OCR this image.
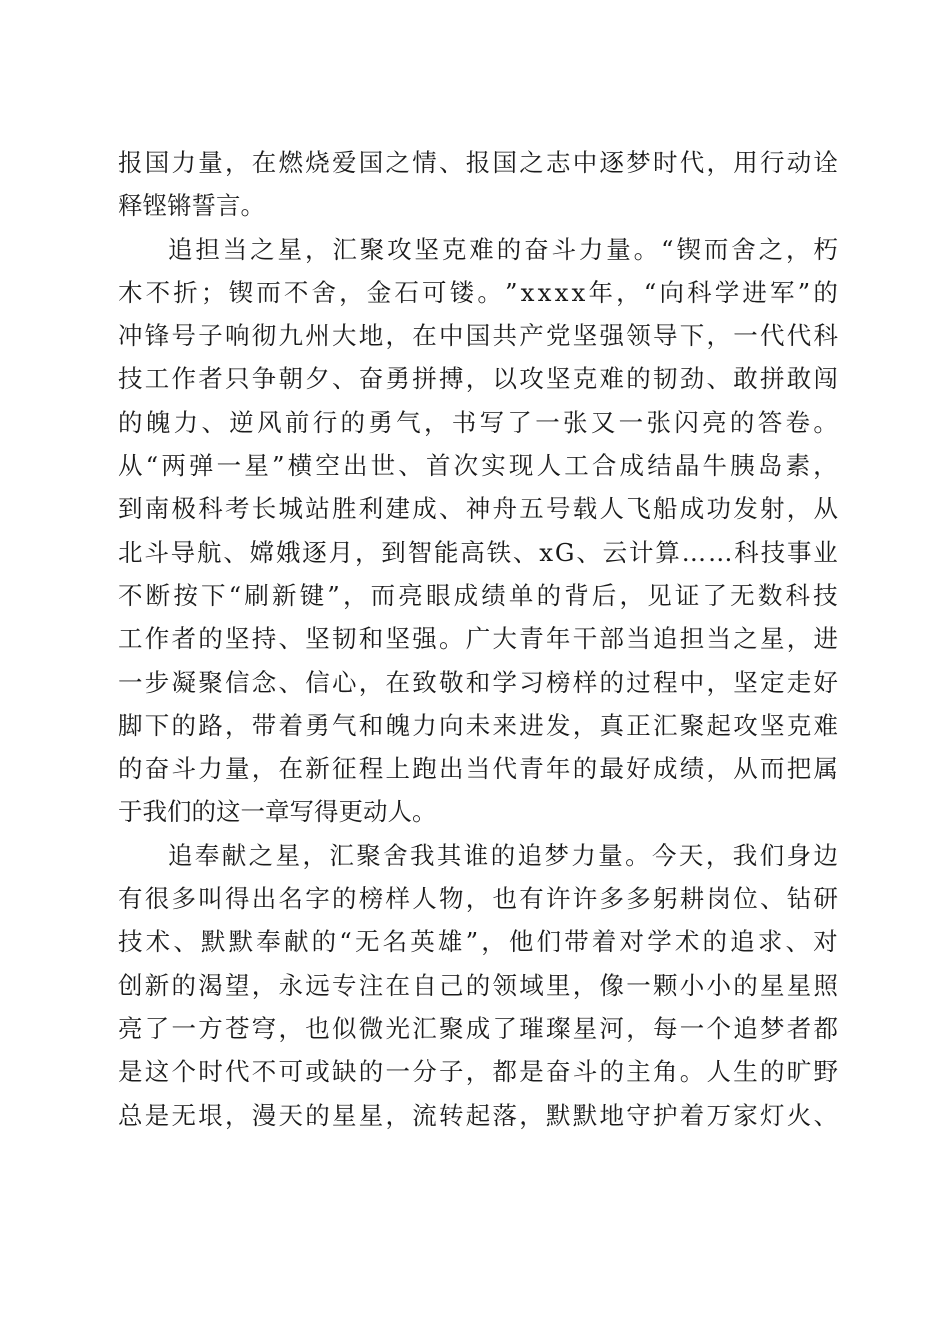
报 国 力 量 ， 在 燃 烧 爱 国 之 情 、 报 国 之 志 中 逐 梦 时 代 ， 用 行 动 诠
释铿锵誓言。
追 担 当 之 星 ， 汇 聚 攻 坚 克 难 的 奋 斗 力 量 。 “ 锲 而 舍 之 ， 朽
木 不 折 ； 锲 而 不 舍 ， 金 石 可 镂 。 ” x x x x 年 ， “ 向 科 学 进 军 ” 的
冲 锋 号 子 响 彻 九 州 大 地 ， 在 中 国 共 产 党 坚 强 领 导 下 ， 一 代 代 科
技 工 作 者 只 争 朝 夕 、 奋 勇 拼 搏 ， 以 攻 坚 克 难 的 韧 劲 、 敢 拼 敢 闯
的 魄 力 、 逆 风 前 行 的 勇 气 ， 书 写 了 一 张 又 一 张 闪 亮 的 答 卷 。
从 “ 两 弹 一 星 ” 横 空 出 世 、 首 次 实 现 人 工 合 成 结 晶 牛 胰 岛 素 ，
到 南 极 科 考 长 城 站 胜 利 建 成 、 神 舟 五 号 载 人 飞 船 成 功 发 射 ， 从
北 斗 导 航 、 嫦 娥 逐 月 ， 到 智 能 高 铁 、 x G 、 云 计 算 … … 科 技 事 业
不 断 按 下 “ 刷 新 键 ” ， 而 亮 眼 成 绩 单 的 背 后 ， 见 证 了 无 数 科 技
工 作 者 的 坚 持 、 坚 韧 和 坚 强 。 广 大 青 年 干 部 当 追 担 当 之 星 ， 进
一 步 凝 聚 信 念 、 信 心 ， 在 致 敬 和 学 习 榜 样 的 过 程 中 ， 坚 定 走 好
脚 下 的 路 ， 带 着 勇 气 和 魄 力 向 未 来 进 发 ， 真 正 汇 聚 起 攻 坚 克 难
的 奋 斗 力 量 ， 在 新 征 程 上 跑 出 当 代 青 年 的 最 好 成 绩 ， 从 而 把 属
于我们的这一章写得更动人。
追 奉 献 之 星 ， 汇 聚 舍 我 其 谁 的 追 梦 力 量 。 今 天 ， 我 们 身 边
有 很 多 叫 得 出 名 字 的 榜 样 人 物 ， 也 有 许 许 多 多 躬 耕 岗 位 、 钻 研
技 术 、 默 默 奉 献 的 “ 无 名 英 雄 ” ， 他 们 带 着 对 学 术 的 追 求 、 对
创 新 的 渴 望 ， 永 远 专 注 在 自 己 的 领 域 里 ， 像 一 颗 小 小 的 星 星 照
亮 了 一 方 苍 穹 ， 也 似 微 光 汇 聚 成 了 璀 璨 星 河 ， 每 一 个 追 梦 者 都
是 这 个 时 代 不 可 或 缺 的 一 分 子 ， 都 是 奋 斗 的 主 角 。 人 生 的 旷 野
总 是 无 垠 ， 漫 天 的 星 星 ， 流 转 起 落 ， 默 默 地 守 护 着 万 家 灯 火 、
